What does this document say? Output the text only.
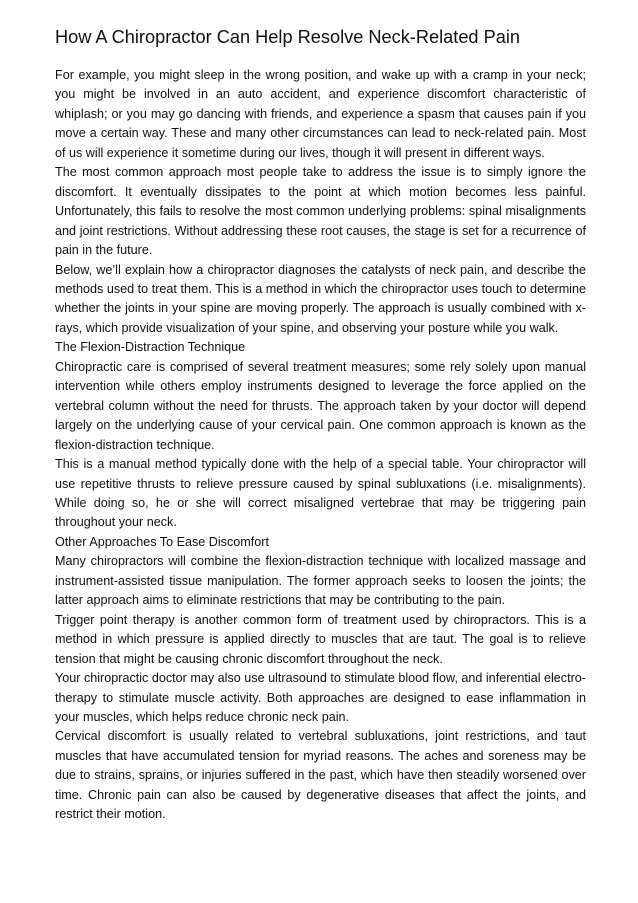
How A Chiropractor Can Help Resolve Neck-Related Pain

For example, you might sleep in the wrong position, and wake up with a cramp in your neck; you might be involved in an auto accident, and experience discomfort characteristic of whiplash; or you may go dancing with friends, and experience a spasm that causes pain if you move a certain way. These and many other circumstances can lead to neck-related pain. Most of us will experience it sometime during our lives, though it will present in different ways.

The most common approach most people take to address the issue is to simply ignore the discomfort. It eventually dissipates to the point at which motion becomes less painful. Unfortunately, this fails to resolve the most common underlying problems: spinal misalignments and joint restrictions. Without addressing these root causes, the stage is set for a recurrence of pain in the future.

Below, we’ll explain how a chiropractor diagnoses the catalysts of neck pain, and describe the methods used to treat them. This is a method in which the chiropractor uses touch to determine whether the joints in your spine are moving properly. The approach is usually combined with x-rays, which provide visualization of your spine, and observing your posture while you walk.

The Flexion-Distraction Technique

Chiropractic care is comprised of several treatment measures; some rely solely upon manual intervention while others employ instruments designed to leverage the force applied on the vertebral column without the need for thrusts. The approach taken by your doctor will depend largely on the underlying cause of your cervical pain. One common approach is known as the flexion-distraction technique.

This is a manual method typically done with the help of a special table. Your chiropractor will use repetitive thrusts to relieve pressure caused by spinal subluxations (i.e. misalignments). While doing so, he or she will correct misaligned vertebrae that may be triggering pain throughout your neck.

Other Approaches To Ease Discomfort

Many chiropractors will combine the flexion-distraction technique with localized massage and instrument-assisted tissue manipulation. The former approach seeks to loosen the joints; the latter approach aims to eliminate restrictions that may be contributing to the pain.

Trigger point therapy is another common form of treatment used by chiropractors. This is a method in which pressure is applied directly to muscles that are taut. The goal is to relieve tension that might be causing chronic discomfort throughout the neck.

Your chiropractic doctor may also use ultrasound to stimulate blood flow, and inferential electro-therapy to stimulate muscle activity. Both approaches are designed to ease inflammation in your muscles, which helps reduce chronic neck pain.

Cervical discomfort is usually related to vertebral subluxations, joint restrictions, and taut muscles that have accumulated tension for myriad reasons. The aches and soreness may be due to strains, sprains, or injuries suffered in the past, which have then steadily worsened over time. Chronic pain can also be caused by degenerative diseases that affect the joints, and restrict their motion.
